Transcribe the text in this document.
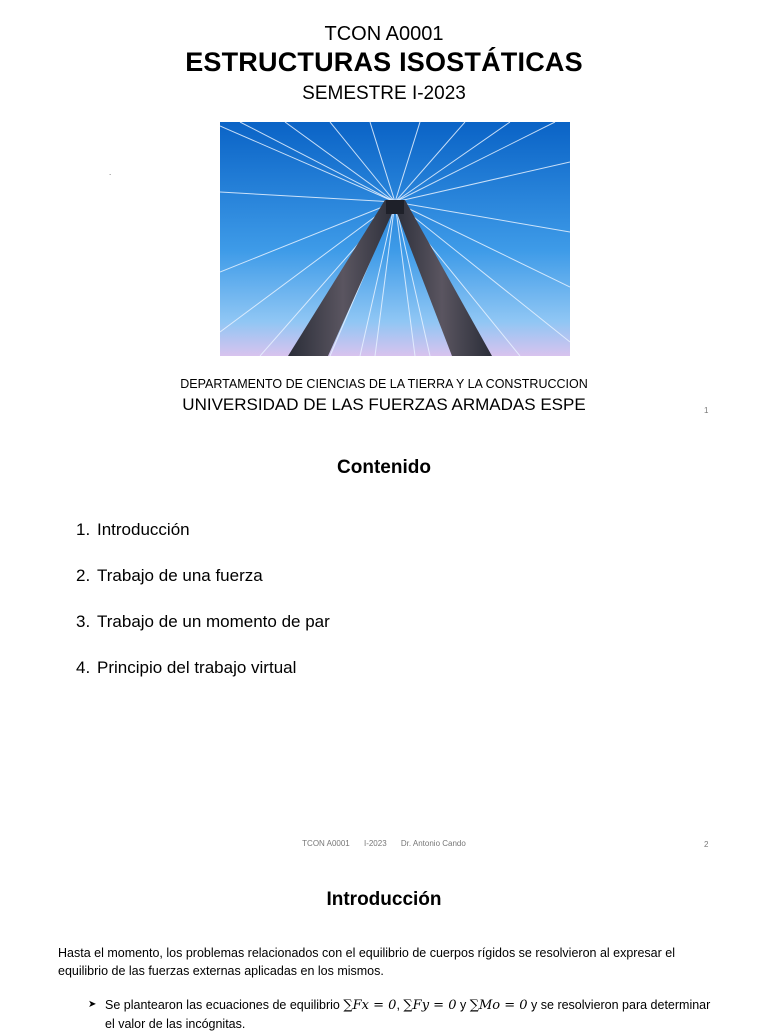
TCON A0001
ESTRUCTURAS ISOSTÁTICAS
SEMESTRE I-2023
.
DEPARTAMENTO DE CIENCIAS DE LA TIERRA Y LA CONSTRUCCION
UNIVERSIDAD DE LAS FUERZAS ARMADAS ESPE	1
Contenido
1. Introducción
2. Trabajo de una fuerza
3. Trabajo de un momento de par
4. Principio del trabajo virtual
TCON A0001 I-2023 Dr. Antonio Cando	2
Introducción
Hasta el momento, los problemas relacionados con el equilibrio de cuerpos rígidos se resolvieron al expresar el equilibrio de las fuerzas externas aplicadas en los mismos.
➤ Se plantearon las ecuaciones de equilibrio ∑Fx = 0, ∑Fy = 0 y ∑Mo = 0 y se resolvieron para determinar el valor de las incógnitas.
